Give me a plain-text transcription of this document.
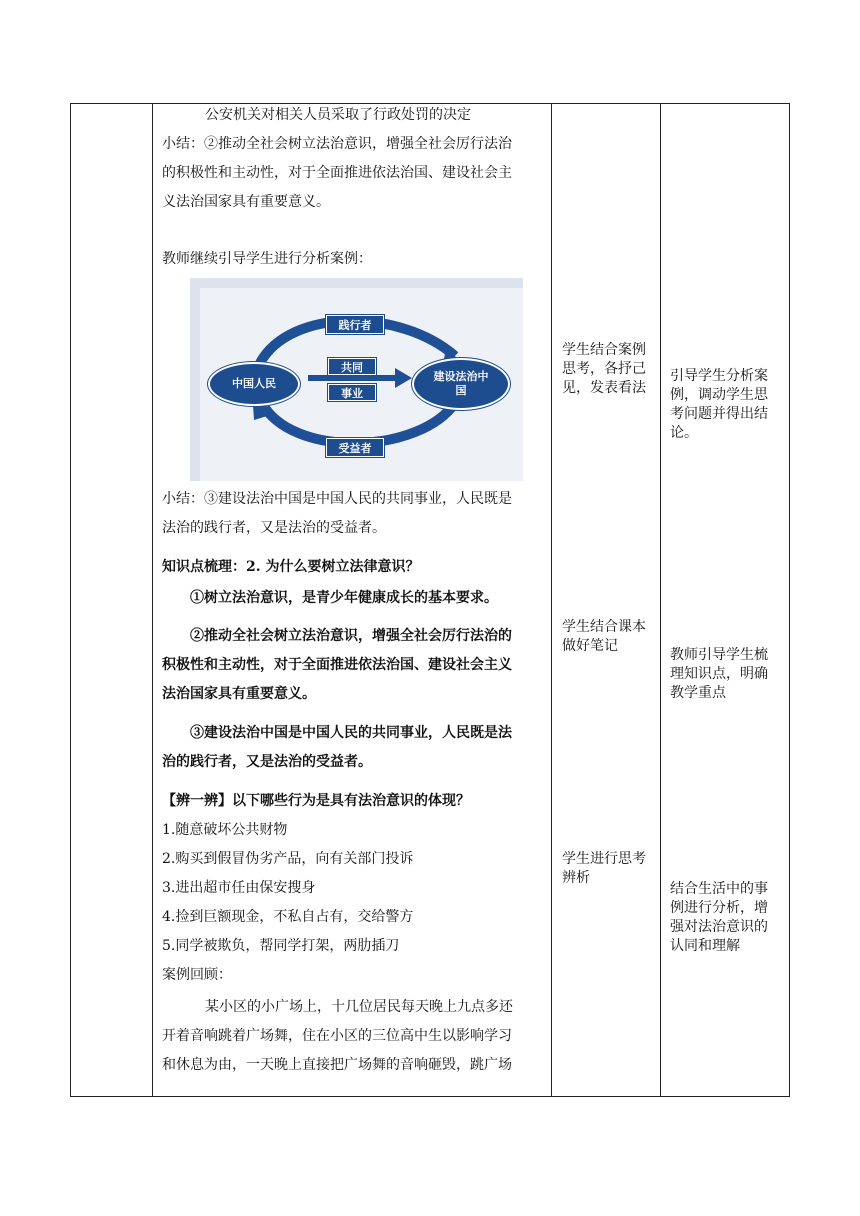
公安机关对相关人员采取了行政处罚的决定
小结：②推动全社会树立法治意识，增强全社会厉行法治
的积极性和主动性，对于全面推进依法治国、建设社会主
义法治国家具有重要意义。
教师继续引导学生进行分析案例：
中国人民
建设法治中
国
践行者
共同
事业
受益者
小结：③建设法治中国是中国人民的共同事业，人民既是
法治的践行者，又是法治的受益者。
知识点梳理：2. 为什么要树立法律意识？
①树立法治意识，是青少年健康成长的基本要求。
②推动全社会树立法治意识，增强全社会厉行法治的
积极性和主动性，对于全面推进依法治国、建设社会主义
法治国家具有重要意义。
③建设法治中国是中国人民的共同事业，人民既是法
治的践行者，又是法治的受益者。
【辨一辨】以下哪些行为是具有法治意识的体现？
1.随意破坏公共财物
2.购买到假冒伪劣产品，向有关部门投诉
3.进出超市任由保安搜身
4.捡到巨额现金，不私自占有，交给警方
5.同学被欺负，帮同学打架，两肋插刀
案例回顾：
某小区的小广场上，十几位居民每天晚上九点多还
开着音响跳着广场舞，住在小区的三位高中生以影响学习
和休息为由，一天晚上直接把广场舞的音响砸毁，跳广场
学生结合案例
思考，各抒己
见，发表看法
学生结合课本
做好笔记
学生进行思考
辨析
引导学生分析案
例，调动学生思
考问题并得出结
论。
教师引导学生梳
理知识点，明确
教学重点
结合生活中的事
例进行分析，增
强对法治意识的
认同和理解
